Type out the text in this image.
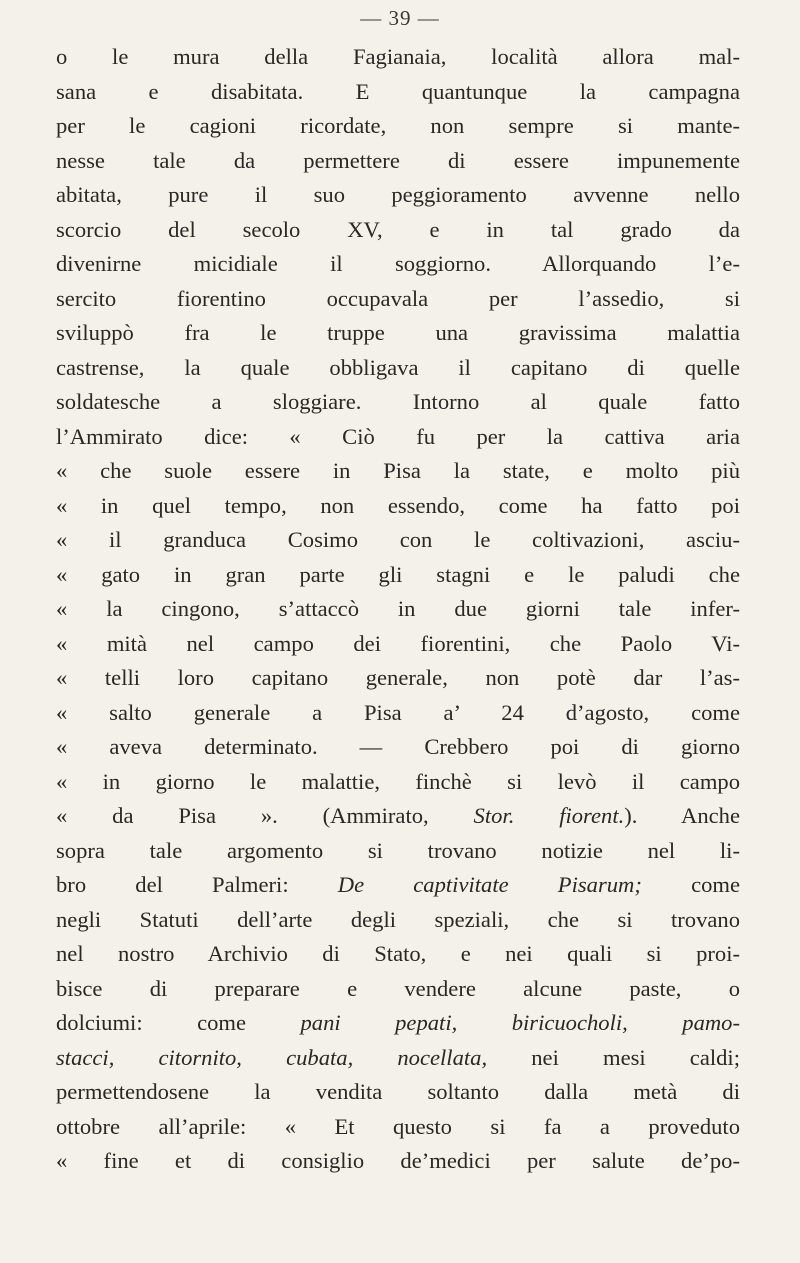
— 39 —
o le mura della Fagianaia, località allora mal-
sana e disabitata. E quantunque la campagna
per le cagioni ricordate, non sempre si mante-
nesse tale da permettere di essere impunemente
abitata, pure il suo peggioramento avvenne nello
scorcio del secolo XV, e in tal grado da
divenirne micidiale il soggiorno. Allorquando l’e-
sercito fiorentino occupavala per l’assedio, si
sviluppò fra le truppe una gravissima malattia
castrense, la quale obbligava il capitano di quelle
soldatesche a sloggiare. Intorno al quale fatto
l’Ammirato dice: « Ciò fu per la cattiva aria
« che suole essere in Pisa la state, e molto più
« in quel tempo, non essendo, come ha fatto poi
« il granduca Cosimo con le coltivazioni, asciu-
« gato in gran parte gli stagni e le paludi che
« la cingono, s’attaccò in due giorni tale infer-
« mità nel campo dei fiorentini, che Paolo Vi-
« telli loro capitano generale, non potè dar l’as-
« salto generale a Pisa a’ 24 d’agosto, come
« aveva determinato. — Crebbero poi di giorno
« in giorno le malattie, finchè si levò il campo
« da Pisa ». (Ammirato, Stor. fiorent.). Anche
sopra tale argomento si trovano notizie nel li-
bro del Palmeri: De captivitate Pisarum; come
negli Statuti dell’arte degli speziali, che si trovano
nel nostro Archivio di Stato, e nei quali si proi-
bisce di preparare e vendere alcune paste, o
dolciumi: come pani pepati, biricuocholi, pamo-
stacci, citornito, cubata, nocellata, nei mesi caldi;
permettendosene la vendita soltanto dalla metà di
ottobre all’aprile: « Et questo si fa a proveduto
« fine et di consiglio de’medici per salute de’po-
